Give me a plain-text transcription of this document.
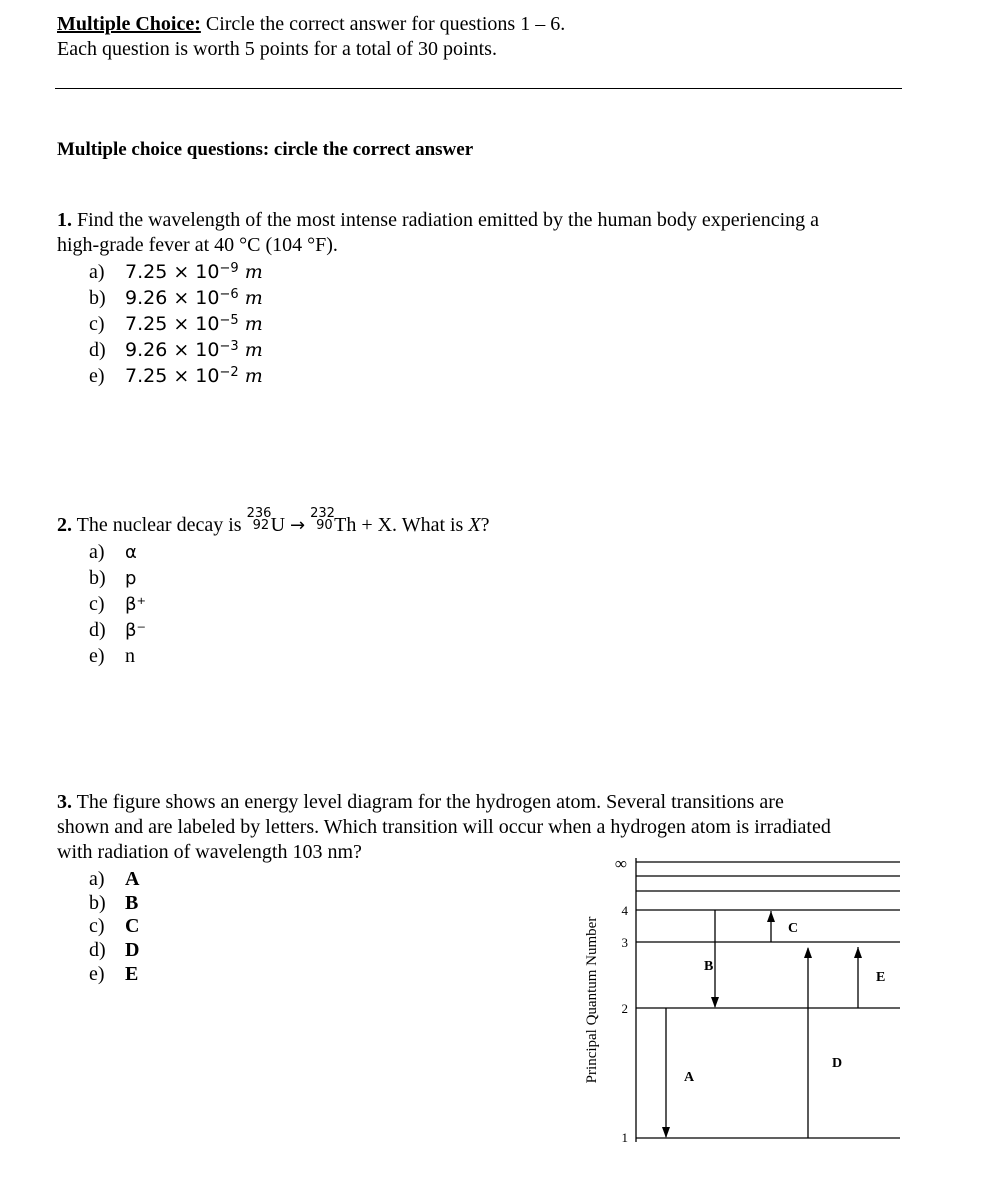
Multiple Choice: Circle the correct answer for questions 1 – 6.
Each question is worth 5 points for a total of 30 points.
Multiple choice questions: circle the correct answer
1. Find the wavelength of the most intense radiation emitted by the human body experiencing a
high-grade fever at 40 °C (104 °F).
a) $7.25 \times 10^{-9}$ m
b) $9.26 \times 10^{-6}$ m
c) $7.25 \times 10^{-5}$ m
d) $9.26 \times 10^{-3}$ m
e) $7.25 \times 10^{-2}$ m
2. The nuclear decay is
236
92 U →
232
90 Th + X. What is X?
a) α
b) p
c) β⁺
d) β⁻
e) n
3. The figure shows an energy level diagram for the hydrogen atom. Several transitions are
shown and are labeled by letters. Which transition will occur when a hydrogen atom is irradiated
with radiation of wavelength 103 nm?
a) A
b) B
c) C
d) D
e) E	Principal Quantum Number
∞
4
3
2
1
A
B
C
D
E
